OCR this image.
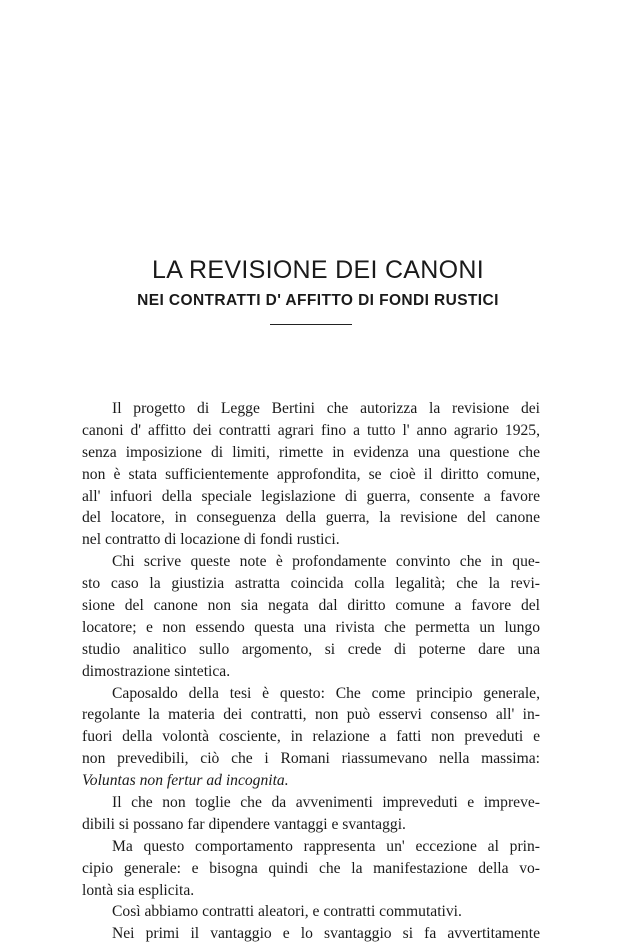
LA REVISIONE DEI CANONI
NEI CONTRATTI D' AFFITTO DI FONDI RUSTICI
Il progetto di Legge Bertini che autorizza la revisione dei
canoni d' affitto dei contratti agrari fino a tutto l' anno agrario 1925,
senza imposizione di limiti, rimette in evidenza una questione che
non è stata sufficientemente approfondita, se cioè il diritto comune,
all' infuori della speciale legislazione di guerra, consente a favore
del locatore, in conseguenza della guerra, la revisione del canone
nel contratto di locazione di fondi rustici.
Chi scrive queste note è profondamente convinto che in que-
sto caso la giustizia astratta coincida colla legalità; che la revi-
sione del canone non sia negata dal diritto comune a favore del
locatore; e non essendo questa una rivista che permetta un lungo
studio analitico sullo argomento, si crede di poterne dare una
dimostrazione sintetica.
Caposaldo della tesi è questo: Che come principio generale,
regolante la materia dei contratti, non può esservi consenso all' in-
fuori della volontà cosciente, in relazione a fatti non preveduti e
non prevedibili, ciò che i Romani riassumevano nella massima:
Voluntas non fertur ad incognita.
Il che non toglie che da avvenimenti impreveduti e impreve-
dibili si possano far dipendere vantaggi e svantaggi.
Ma questo comportamento rappresenta un' eccezione al prin-
cipio generale: e bisogna quindi che la manifestazione della vo-
lontà sia esplicita.
Così abbiamo contratti aleatori, e contratti commutativi.
Nei primi il vantaggio e lo svantaggio si fa avvertitamente
